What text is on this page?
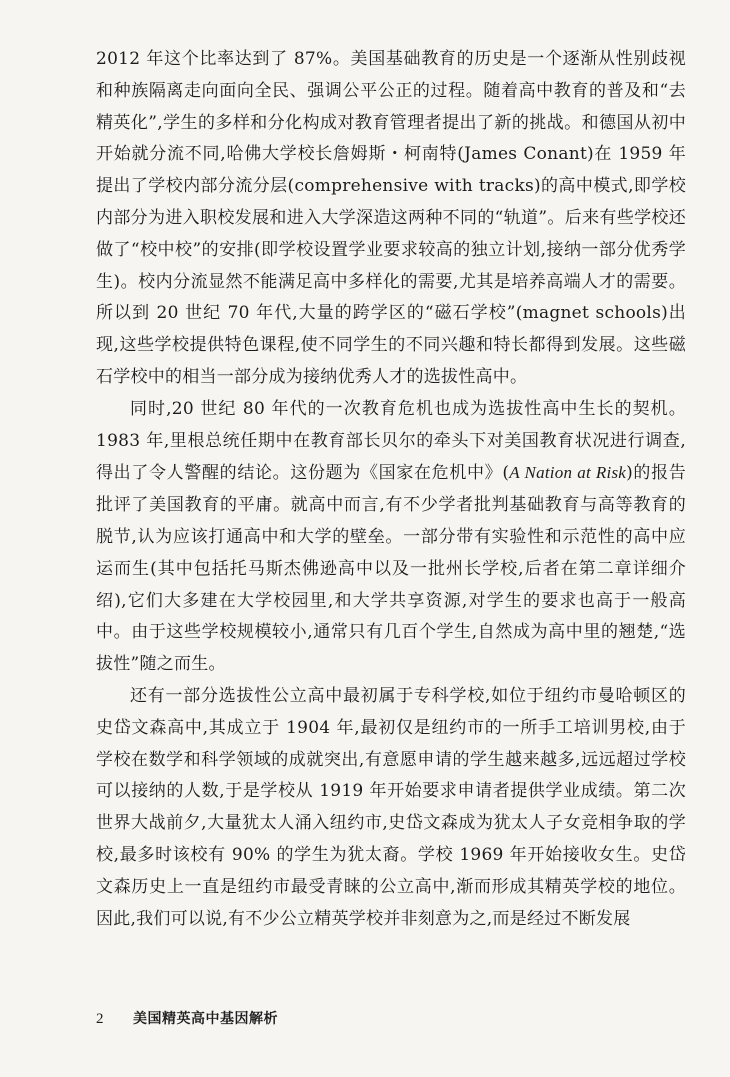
2012 年这个比率达到了 87%。美国基础教育的历史是一个逐渐从性别歧视和种族隔离走向面向全民、强调公平公正的过程。随着高中教育的普及和“去精英化”,学生的多样和分化构成对教育管理者提出了新的挑战。和德国从初中开始就分流不同,哈佛大学校长詹姆斯・柯南特(James Conant)在 1959 年提出了学校内部分流分层(comprehensive with tracks)的高中模式,即学校内部分为进入职校发展和进入大学深造这两种不同的“轨道”。后来有些学校还做了“校中校”的安排(即学校设置学业要求较高的独立计划,接纳一部分优秀学生)。校内分流显然不能满足高中多样化的需要,尤其是培养高端人才的需要。所以到 20 世纪 70 年代,大量的跨学区的“磁石学校”(magnet schools)出现,这些学校提供特色课程,使不同学生的不同兴趣和特长都得到发展。这些磁石学校中的相当一部分成为接纳优秀人才的选拔性高中。

同时,20 世纪 80 年代的一次教育危机也成为选拔性高中生长的契机。1983 年,里根总统任期中在教育部长贝尔的牵头下对美国教育状况进行调查,得出了令人警醒的结论。这份题为《国家在危机中》(A Nation at Risk)的报告批评了美国教育的平庸。就高中而言,有不少学者批判基础教育与高等教育的脱节,认为应该打通高中和大学的壁垒。一部分带有实验性和示范性的高中应运而生(其中包括托马斯杰佛逊高中以及一批州长学校,后者在第二章详细介绍),它们大多建在大学校园里,和大学共享资源,对学生的要求也高于一般高中。由于这些学校规模较小,通常只有几百个学生,自然成为高中里的翘楚,“选拔性”随之而生。

还有一部分选拔性公立高中最初属于专科学校,如位于纽约市曼哈顿区的史岱文森高中,其成立于 1904 年,最初仅是纽约市的一所手工培训男校,由于学校在数学和科学领域的成就突出,有意愿申请的学生越来越多,远远超过学校可以接纳的人数,于是学校从 1919 年开始要求申请者提供学业成绩。第二次世界大战前夕,大量犹太人涌入纽约市,史岱文森成为犹太人子女竞相争取的学校,最多时该校有 90% 的学生为犹太裔。学校 1969 年开始接收女生。史岱文森历史上一直是纽约市最受青睐的公立高中,渐而形成其精英学校的地位。因此,我们可以说,有不少公立精英学校并非刻意为之,而是经过不断发展

2 美国精英高中基因解析
